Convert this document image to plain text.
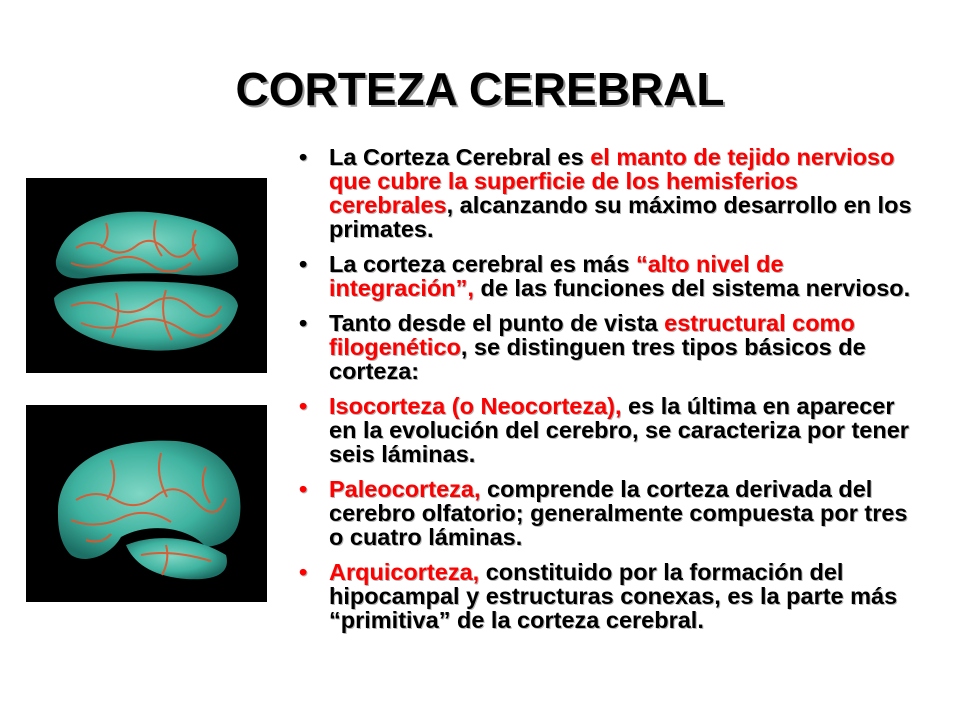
CORTEZA CEREBRAL
• La Corteza Cerebral es el manto de tejido nervioso que cubre la superficie de los hemisferios cerebrales, alcanzando su máximo desarrollo en los primates.
• La corteza cerebral es más “alto nivel de integración”, de las funciones del sistema nervioso.
• Tanto desde el punto de vista estructural como filogenético, se distinguen tres tipos básicos de corteza:
• Isocorteza (o Neocorteza), es la última en aparecer en la evolución del cerebro, se caracteriza por tener seis láminas.
• Paleocorteza, comprende la corteza derivada del cerebro olfatorio; generalmente compuesta por tres o cuatro láminas.
• Arquicorteza, constituido por la formación del hipocampal y estructuras conexas, es la parte más “primitiva” de la corteza cerebral.
